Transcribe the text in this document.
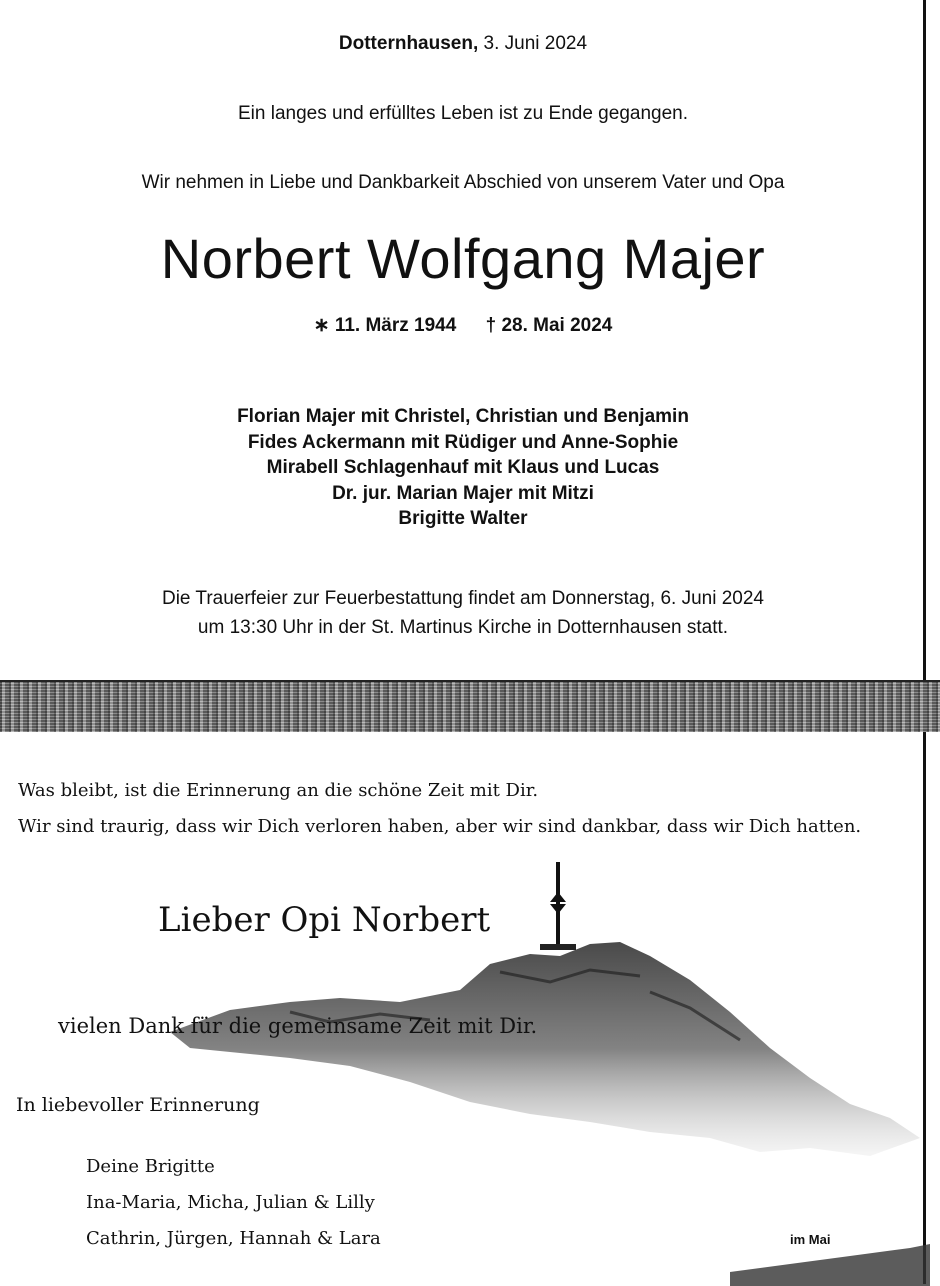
Dotternhausen, 3. Juni 2024
Ein langes und erfülltes Leben ist zu Ende gegangen.
Wir nehmen in Liebe und Dankbarkeit Abschied von unserem Vater und Opa
Norbert Wolfgang Majer
∗ 11. März 1944 † 28. Mai 2024
Florian Majer mit Christel, Christian und Benjamin
Fides Ackermann mit Rüdiger und Anne-Sophie
Mirabell Schlagenhauf mit Klaus und Lucas
Dr. jur. Marian Majer mit Mitzi
Brigitte Walter
Die Trauerfeier zur Feuerbestattung findet am Donnerstag, 6. Juni 2024
um 13:30 Uhr in der St. Martinus Kirche in Dotternhausen statt.
Was bleibt, ist die Erinnerung an die schöne Zeit mit Dir.
Wir sind traurig, dass wir Dich verloren haben, aber wir sind dankbar, dass wir Dich hatten.
Lieber Opi Norbert
vielen Dank für die gemeinsame Zeit mit Dir.
In liebevoller Erinnerung
Deine Brigitte
Ina-Maria, Micha, Julian & Lilly
Cathrin, Jürgen, Hannah & Lara	im Mai
